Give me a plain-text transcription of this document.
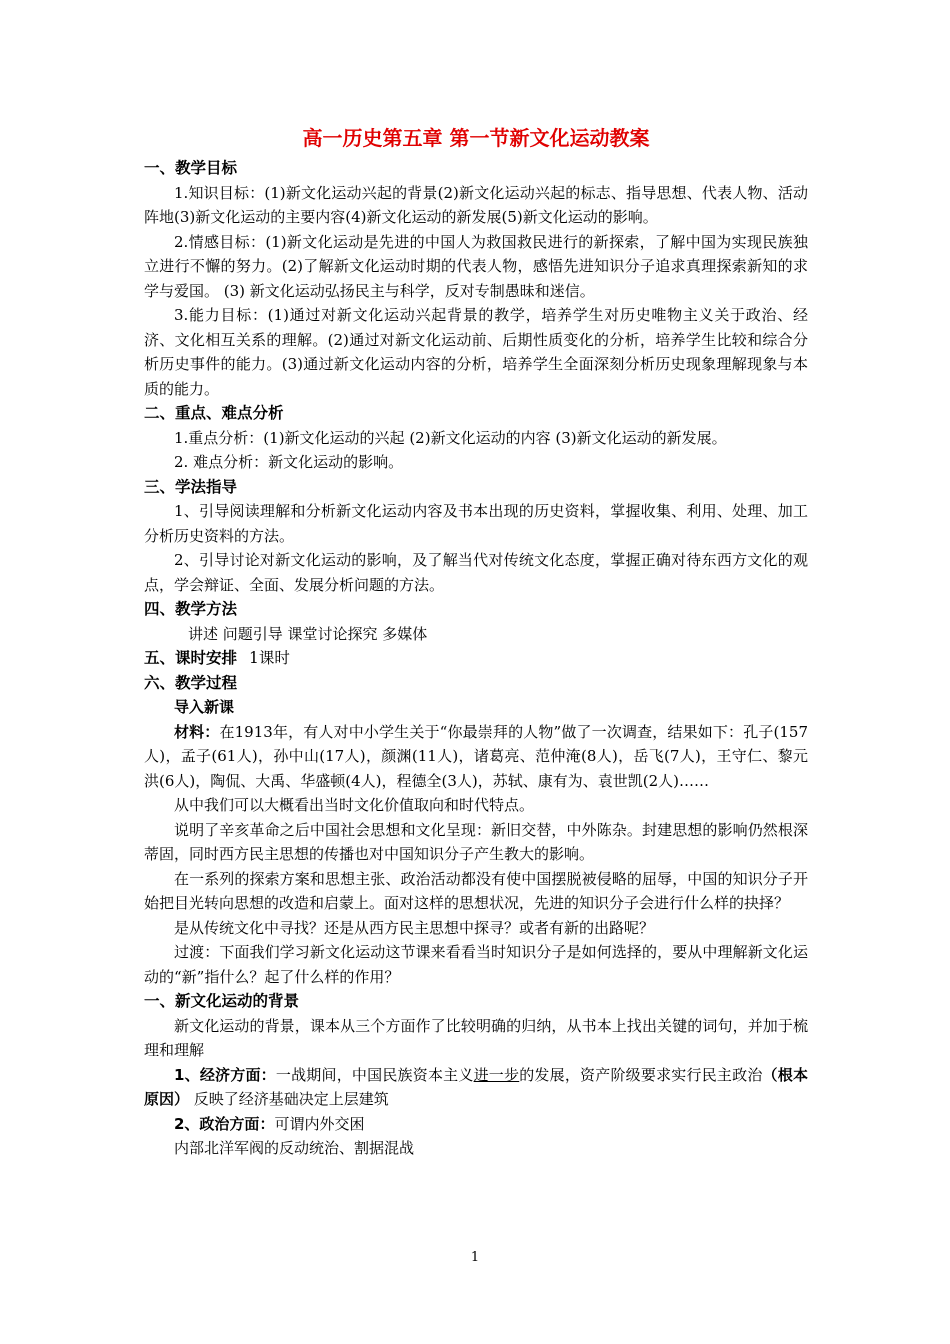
高一历史第五章 第一节新文化运动教案
一、教学目标

1.知识目标：(1)新文化运动兴起的背景(2)新文化运动兴起的标志、指导思想、代表人物、活动阵地(3)新文化运动的主要内容(4)新文化运动的新发展(5)新文化运动的影响。

2.情感目标：(1)新文化运动是先进的中国人为救国救民进行的新探索，了解中国为实现民族独立进行不懈的努力。(2)了解新文化运动时期的代表人物，感悟先进知识分子追求真理探索新知的求学与爱国。 (3) 新文化运动弘扬民主与科学，反对专制愚昧和迷信。

3.能力目标：(1)通过对新文化运动兴起背景的教学，培养学生对历史唯物主义关于政治、经济、文化相互关系的理解。(2)通过对新文化运动前、后期性质变化的分析，培养学生比较和综合分析历史事件的能力。(3)通过新文化运动内容的分析，培养学生全面深刻分析历史现象理解现象与本质的能力。

二、重点、难点分析

1.重点分析：(1)新文化运动的兴起 (2)新文化运动的内容 (3)新文化运动的新发展。

2. 难点分析：新文化运动的影响。

三、学法指导

1、引导阅读理解和分析新文化运动内容及书本出现的历史资料，掌握收集、利用、处理、加工分析历史资料的方法。

2、引导讨论对新文化运动的影响，及了解当代对传统文化态度，掌握正确对待东西方文化的观点，学会辩证、全面、发展分析问题的方法。

四、教学方法

讲述 问题引导 课堂讨论探究 多媒体

五、课时安排 1课时
六、教学过程

导入新课

材料：在1913年，有人对中小学生关于“你最崇拜的人物”做了一次调查，结果如下：孔子(157人)，孟子(61人)，孙中山(17人)，颜渊(11人)，诸葛亮、范仲淹(8人)，岳飞(7人)，王守仁、黎元洪(6人)，陶侃、大禹、华盛顿(4人)，程德全(3人)，苏轼、康有为、袁世凯(2人)……

从中我们可以大概看出当时文化价值取向和时代特点。

说明了辛亥革命之后中国社会思想和文化呈现：新旧交替，中外陈杂。封建思想的影响仍然根深蒂固，同时西方民主思想的传播也对中国知识分子产生教大的影响。

在一系列的探索方案和思想主张、政治活动都没有使中国摆脱被侵略的屈辱，中国的知识分子开始把目光转向思想的改造和启蒙上。面对这样的思想状况，先进的知识分子会进行什么样的抉择？

是从传统文化中寻找？还是从西方民主思想中探寻？或者有新的出路呢？

过渡：下面我们学习新文化运动这节课来看看当时知识分子是如何选择的，要从中理解新文化运动的“新”指什么？起了什么样的作用？

一、新文化运动的背景

新文化运动的背景，课本从三个方面作了比较明确的归纳，从书本上找出关键的词句，并加于梳理和理解

1、经济方面：一战期间，中国民族资本主义进一步的发展，资产阶级要求实行民主政治（根本原因） 反映了经济基础决定上层建筑

2、政治方面：可谓内外交困

内部北洋军阀的反动统治、割据混战

1
